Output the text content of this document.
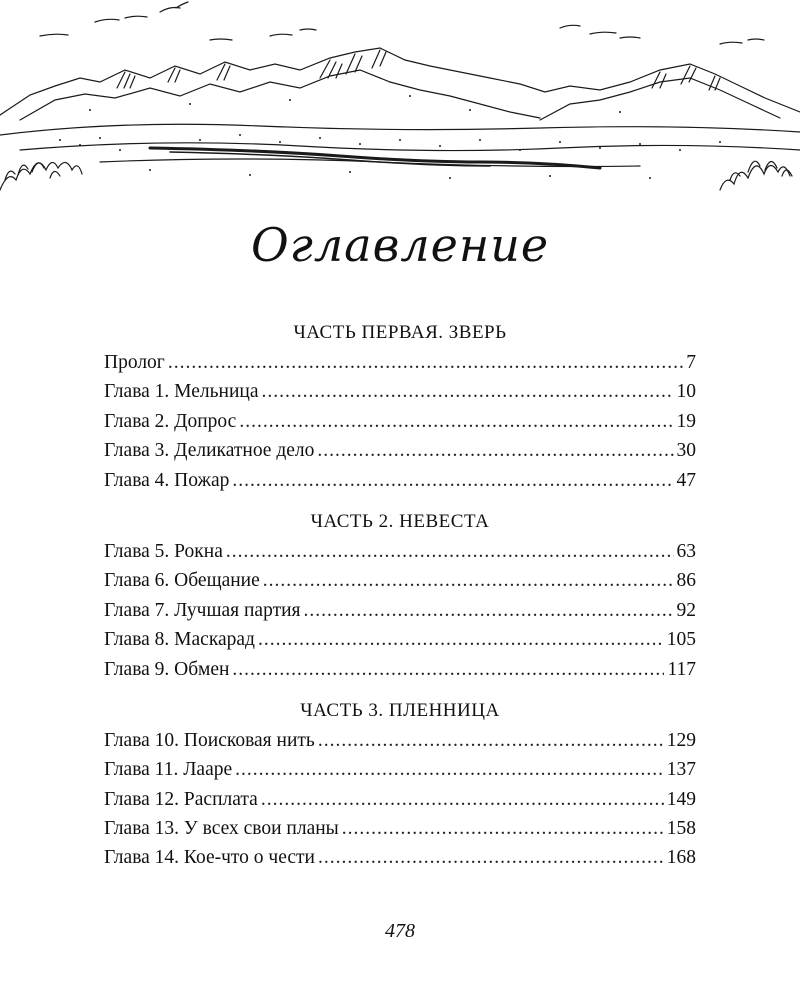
Оглавление
ЧАСТЬ ПЕРВАЯ. ЗВЕРЬ
Пролог .....	7
Глава 1. Мельница .....	10
Глава 2. Допрос .....	19
Глава 3. Деликатное дело .....	30
Глава 4. Пожар .....	47
ЧАСТЬ 2. НЕВЕСТА
Глава 5. Рокна .....	63
Глава 6. Обещание .....	86
Глава 7. Лучшая партия .....	92
Глава 8. Маскарад .....	105
Глава 9. Обмен .....	117
ЧАСТЬ 3. ПЛЕННИЦА
Глава 10. Поисковая нить .....	129
Глава 11. Лааре .....	137
Глава 12. Расплата .....	149
Глава 13. У всех свои планы .....	158
Глава 14. Кое-что о чести .....	168
478
